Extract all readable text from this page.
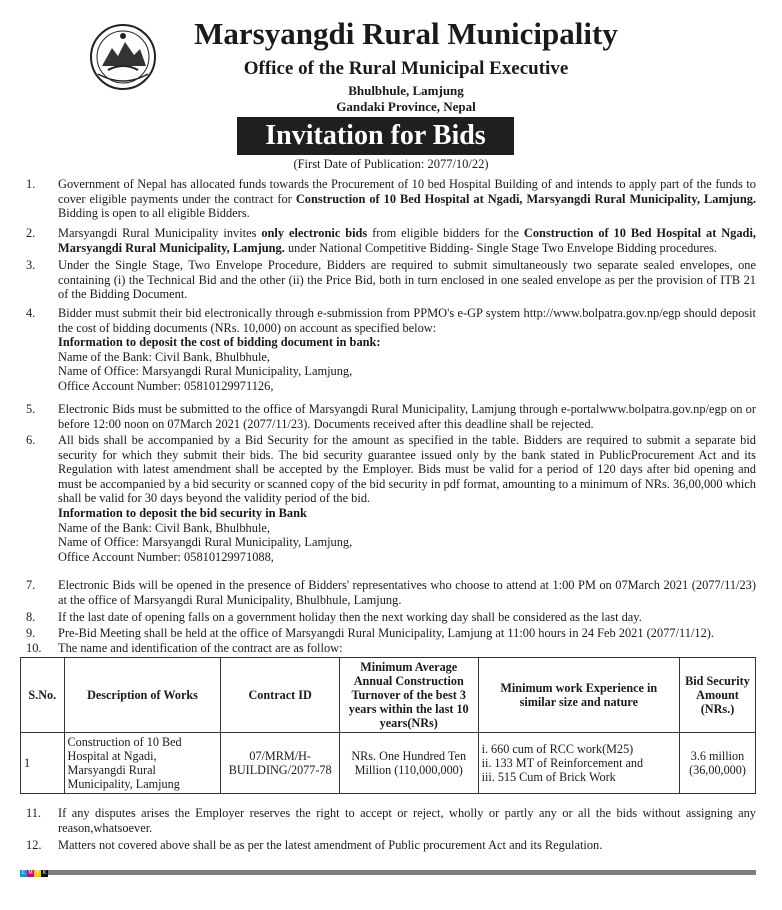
Marsyangdi Rural Municipality
Office of the Rural Municipal Executive
Bhulbhule, Lamjung
Gandaki Province, Nepal
Invitation for Bids
(First Date of Publication: 2077/10/22)
1. Government of Nepal has allocated funds towards the Procurement of 10 bed Hospital Building of and intends to apply part of the funds to cover eligible payments under the contract for Construction of 10 Bed Hospital at Ngadi, Marsyangdi Rural Municipality, Lamjung. Bidding is open to all eligible Bidders.
2. Marsyangdi Rural Municipality invites only electronic bids from eligible bidders for the Construction of 10 Bed Hospital at Ngadi, Marsyangdi Rural Municipality, Lamjung. under National Competitive Bidding- Single Stage Two Envelope Bidding procedures.
3. Under the Single Stage, Two Envelope Procedure, Bidders are required to submit simultaneously two separate sealed envelopes, one containing (i) the Technical Bid and the other (ii) the Price Bid, both in turn enclosed in one sealed envelope as per the provision of ITB 21 of the Bidding Document.
4. Bidder must submit their bid electronically through e-submission from PPMO's e-GP system http://www.bolpatra.gov.np/egp should deposit the cost of bidding documents (NRs. 10,000) on account as specified below:
Information to deposit the cost of bidding document in bank:
Name of the Bank: Civil Bank, Bhulbhule,
Name of Office: Marsyangdi Rural Municipality, Lamjung,
Office Account Number: 05810129971126,
5. Electronic Bids must be submitted to the office of Marsyangdi Rural Municipality, Lamjung through e-portalwww.bolpatra.gov.np/egp on or before 12:00 noon on 07March 2021 (2077/11/23). Documents received after this deadline shall be rejected.
6. All bids shall be accompanied by a Bid Security for the amount as specified in the table. Bidders are required to submit a separate bid security for which they submit their bids. The bid security guarantee issued only by the bank stated in PublicProcurement Act and its Regulation with latest amendment shall be accepted by the Employer. Bids must be valid for a period of 120 days after bid opening and must be accompanied by a bid security or scanned copy of the bid security in pdf format, amounting to a minimum of NRs. 36,00,000 which shall be valid for 30 days beyond the validity period of the bid.
Information to deposit the bid security in Bank
Name of the Bank: Civil Bank, Bhulbhule,
Name of Office: Marsyangdi Rural Municipality, Lamjung,
Office Account Number: 05810129971088,
7. Electronic Bids will be opened in the presence of Bidders' representatives who choose to attend at 1:00 PM on 07March 2021 (2077/11/23) at the office of Marsyangdi Rural Municipality, Bhulbhule, Lamjung.
8. If the last date of opening falls on a government holiday then the next working day shall be considered as the last day.
9. Pre-Bid Meeting shall be held at the office of Marsyangdi Rural Municipality, Lamjung at 11:00 hours in 24 Feb 2021 (2077/11/12).
10. The name and identification of the contract are as follow:
S.No.	Description of Works	Contract ID	Minimum Average Annual Construction Turnover of the best 3 years within the last 10 years(NRs)	Minimum work Experience in similar size and nature	Bid Security Amount (NRs.)
1	Construction of 10 Bed Hospital at Ngadi, Marsyangdi Rural Municipality, Lamjung	07/MRM/H-BUILDING/2077-78	NRs. One Hundred Ten Million (110,000,000)	i. 660 cum of RCC work(M25)
ii. 133 MT of Reinforcement and
iii. 515 Cum of Brick Work	3.6 million
(36,00,000)
11. If any disputes arises the Employer reserves the right to accept or reject, wholly or partly any or all the bids without assigning any reason,whatsoever.
12. Matters not covered above shall be as per the latest amendment of Public procurement Act and its Regulation.
C M Y K
